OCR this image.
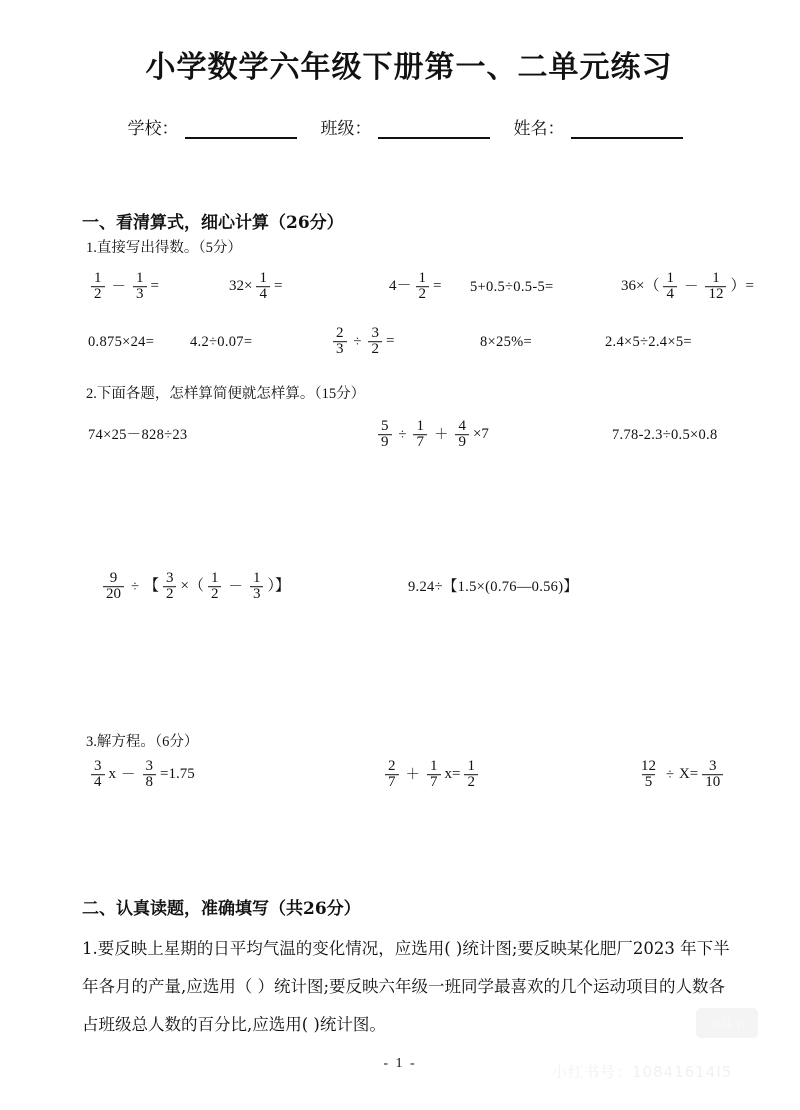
小学数学六年级下册第一、二单元练习
学校：	班级：	姓名：
一、看清算式，细心计算（26分）
1.直接写出得数。（5分）
$\frac{1}{2} - \frac{1}{3}$ =	$32\times \frac{1}{4}$ =	$4- \frac{1}{2} = 5+0.5\div 0.5-5=$	$36\times( \frac{1}{4} - \frac{1}{12}$ ）=
0.875×24= 4.2÷0.07=	$\frac{2}{3} \div \frac{3}{2}$ =	8×25%=	2.4×5÷2.4×5=
2.下面各题，怎样算简便就怎样算。（15分）
74×25－828÷23	$\frac{5}{9} \div \frac{1}{7} + \frac{4}{9} \times 7$	7.78-2.3÷0.5×0.8
$\frac{9}{20}$ ÷ 【 $\frac{3}{2}$ ×（ $\frac{1}{2} - \frac{1}{3}$ ）】	9.24÷【1.5×(0.76—0.56)】
3.解方程。（6分）
$\frac{3}{4}$ $x - \frac{3}{8} =1.75$	$\frac{2}{7} + \frac{1}{7} x= \frac{1}{2}$	$\frac{12}{5} \div X= \frac{3}{10}$
二、认真读题，准确填写（共26分）
1.要反映上星期的日平均气温的变化情况，应选用( )统计图;要反映某化肥厂2023 年下半年各月的产量,应选用（ ）统计图;要反映六年级一班同学最喜欢的几个运动项目的人数各占班级总人数的百分比,应选用( )统计图。
- 1 -	小红书号：10841614I5
小红书
